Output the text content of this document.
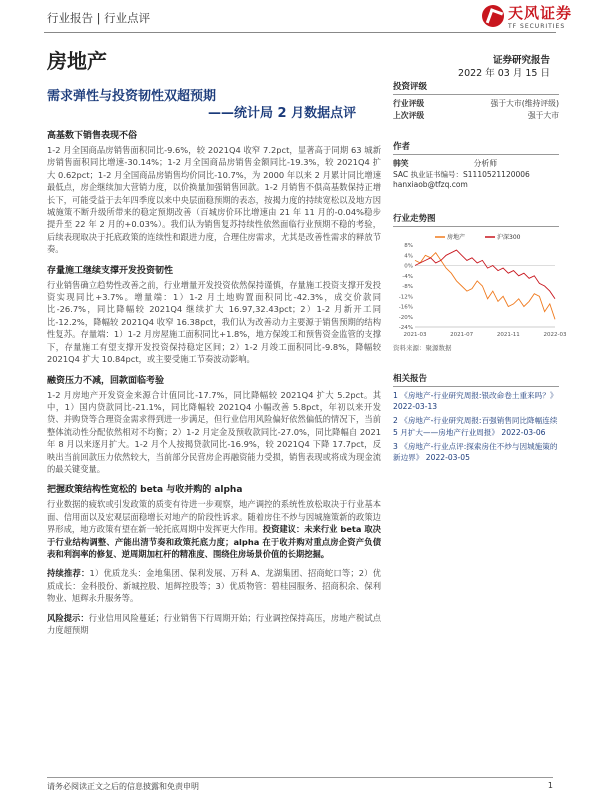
行业报告 | 行业点评	天风证券
TF SECURITIES
房地产	证券研究报告
2022 年 03 月 15 日
需求弹性与投资韧性双超预期
——统计局 2 月数据点评
高基数下销售表现不俗
1-2 月全国商品房销售面积同比-9.6%，较 2021Q4 收窄 7.2pct，显著高于同期 63 城新房销售面积同比增速-30.14%；1-2 月全国商品房销售金额同比-19.3%，较 2021Q4 扩大 0.62pct；1-2 月全国商品房销售均价同比-10.7%，为 2000 年以来 2 月累计同比增速最低点，房企继续加大营销力度，以价换量加强销售回款。1-2 月销售不俱高基数保持正增长下，可能受益于去年四季度以来中央层面稳预期的表态，按揭力度的持续宽松以及地方因城施策不断升级所带来的稳定预期改善（百城房价环比增速由 21 年 11 月的-0.04%稳步提升至 22 年 2 月的+0.03%）。我们认为销售复苏持续性依然面临行业预期不稳的考验，后续表现取决于托底政策的连续性和跟进力度，合理住房需求，尤其是改善性需求的释放节奏。
存量施工继续支撑开发投资韧性
行业销售确立趋势性改善之前，行业增量开发投资依然保持谨慎，存量施工投资支撑开发投资实现同比+3.7%。增量端：1）1-2 月土地购置面积同比-42.3%，成交价款同比-26.7%，同比降幅较 2021Q4 继续扩大 16.97,32.43pct；2）1-2 月新开工同比-12.2%，降幅较 2021Q4 收窄 16.38pct，我们认为改善动力主要源于销售预期的结构性复苏。存量端：1）1-2 月房屋施工面积同比+1.8%，地方保竣工和预售资金监管的支撑下，存量施工有望支撑开发投资保持稳定区间；2）1-2 月竣工面积同比-9.8%，降幅较 2021Q4 扩大 10.84pct，或主要受施工节奏波动影响。
融资压力不减，回款面临考验
1-2 月房地产开发资金来源合计值同比-17.7%，同比降幅较 2021Q4 扩大 5.2pct。其中，1）国内贷款同比-21.1%，同比降幅较 2021Q4 小幅改善 5.8pct，年初以来开发贷、并购贷等合理资金需求得到进一步满足，但行业信用风险偏好依然偏低的情况下，当前整体流动性分配依然相对不均衡；2）1-2 月定金及预收款同比-27.0%，同比降幅自 2021 年 8 月以来逐月扩大。1-2 月个人按揭贷款同比-16.9%，较 2021Q4 下降 17.7pct，反映出当前回款压力依然较大，当前部分民营房企再融资能力受损，销售表现或将成为现金流的最关键变量。
把握政策结构性宽松的 beta 与收并购的 alpha
行业数据的疲软或引发政策的质变有待进一步观察，地产调控的系统性放松取决于行业基本面、信用面以及宏观层面稳增长对地产的阶段性诉求。随着房住不炒与因城施策新的政策边界形成，地方政策有望在新一轮托底周期中发挥更大作用。投资建议：未来行业 beta 取决于行业结构调整、产能出清节奏和政策托底力度；alpha 在于收并购对重点房企资产负债表和利润率的修复、逆周期加杠杆的精准度、围绕住房场景价值的长期挖掘。
持续推荐：1）优质龙头：金地集团、保利发展、万科 A、龙湖集团、招商蛇口等；2）优质成长：金科股份、新城控股、旭辉控股等；3）优质物管：碧桂园服务、招商积余、保利物业、旭辉永升服务等。
风险提示：行业信用风险蔓延；行业销售下行周期开始；行业调控保持高压，房地产税试点力度超预期
投资评级
行业评级	强于大市(维持评级)
上次评级	强于大市
作者
韩笑	分析师
SAC 执业证书编号：S1110521120006
hanxiaob@tfzq.com
行业走势图
8%
4%
0%
-4%
-8%
-12%
-16%
-20%
-24%
2021-03	2021-07	2021-11	2022-03
房地产	沪深300
资料来源：聚源数据
相关报告
1 《房地产-行业研究周报:银改命卷土重来吗？》 2022-03-13
2 《房地产-行业研究周报:百强销售同比降幅连续 5 月扩大——房地产行业周报》 2022-03-06
3 《房地产-行业点评:探索房住不炒与因城施策的新边界》 2022-03-05
请务必阅读正文之后的信息披露和免责申明	1
